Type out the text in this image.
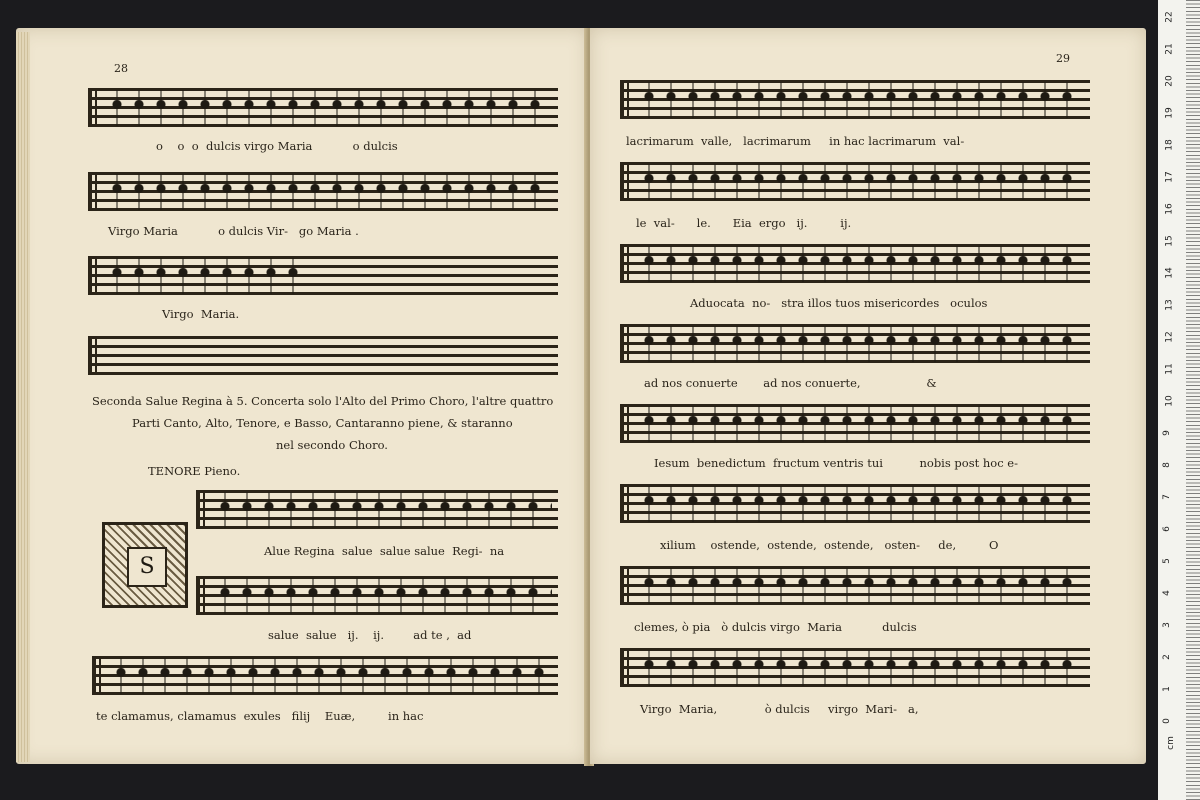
28
o    o  o  dulcis virgo Maria           o dulcis
Virgo Maria           o dulcis Vir-   go Maria .
Virgo  Maria.
Seconda Salue Regina à 5. Concerta solo l'Alto del Primo Choro, l'altre quattro
Parti Canto, Alto, Tenore, e Basso, Cantaranno piene, & staranno
nel secondo Choro.
TENORE Pieno.
S
Alue Regina  salue  salue salue  Regi-  na
salue  salue   ij.    ij.        ad te ,  ad
te clamamus, clamamus  exules   filij    Euæ,         in hac
29
lacrimarum  valle,   lacrimarum     in hac lacrimarum  val-
le  val-      le.      Eia  ergo   ij.         ij.
Aduocata  no-   stra illos tuos misericordes   oculos
ad nos conuerte       ad nos conuerte,                  &
Iesum  benedictum  fructum ventris tui          nobis post hoc e-
xilium    ostende,  ostende,  ostende,   osten-     de,         O
clemes, ò pia   ò dulcis virgo  Maria           dulcis
Virgo  Maria,             ò dulcis     virgo  Mari-   a,
cm
0
1
2
3
4
5
6
7
8
9
10
11
12
13
14
15
16
17
18
19
20
21
22
